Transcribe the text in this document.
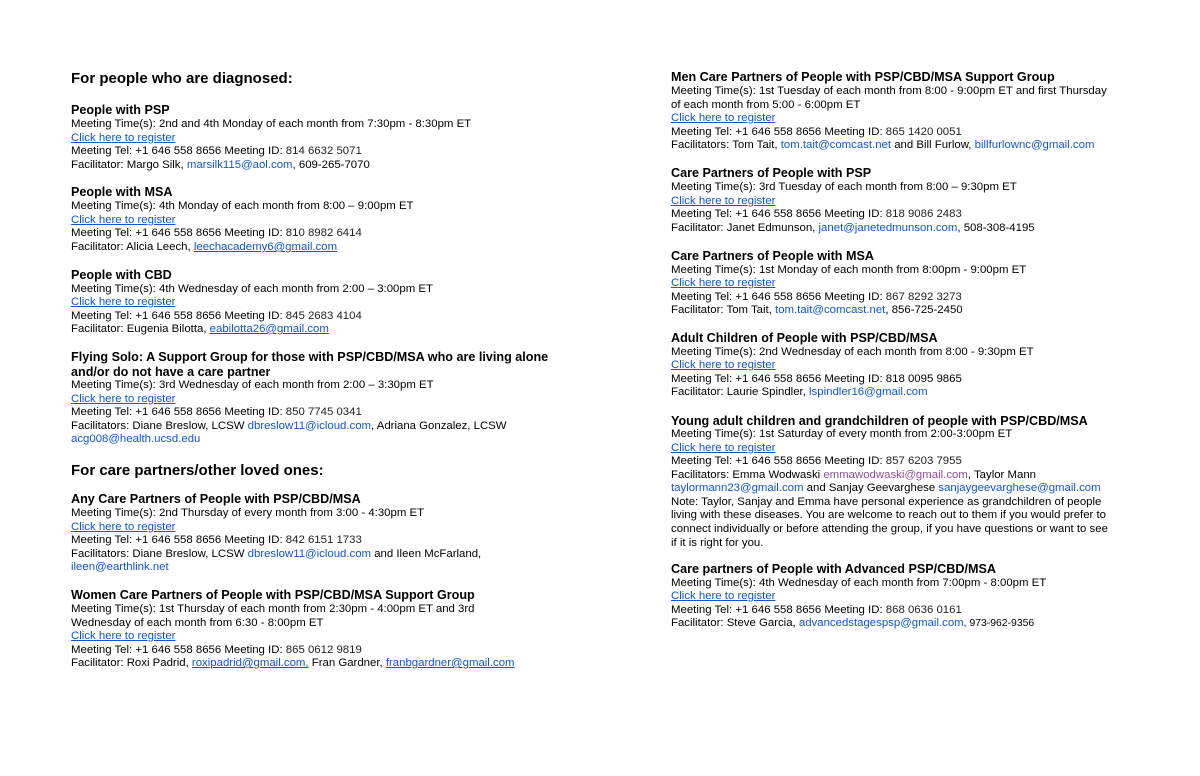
For people who are diagnosed:
People with PSP
Meeting Time(s): 2nd and 4th Monday of each month from 7:30pm - 8:30pm ET
Click here to register
Meeting Tel: +1 646 558 8656 Meeting ID: 814 6632 5071
Facilitator: Margo Silk, marsilk115@aol.com, 609-265-7070
People with MSA
Meeting Time(s): 4th Monday of each month from 8:00 – 9:00pm ET
Click here to register
Meeting Tel: +1 646 558 8656 Meeting ID: 810 8982 6414
Facilitator: Alicia Leech, leechacademy6@gmail.com
People with CBD
Meeting Time(s): 4th Wednesday of each month from 2:00 – 3:00pm ET
Click here to register
Meeting Tel: +1 646 558 8656 Meeting ID: 845 2683 4104
Facilitator: Eugenia Bilotta, eabilotta26@gmail.com
Flying Solo: A Support Group for those with PSP/CBD/MSA who are living alone
and/or do not have a care partner
Meeting Time(s): 3rd Wednesday of each month from 2:00 – 3:30pm ET
Click here to register
Meeting Tel: +1 646 558 8656 Meeting ID: 850 7745 0341
Facilitators: Diane Breslow, LCSW dbreslow11@icloud.com, Adriana Gonzalez, LCSW
acg008@health.ucsd.edu
For care partners/other loved ones:
Any Care Partners of People with PSP/CBD/MSA
Meeting Time(s): 2nd Thursday of every month from 3:00 - 4:30pm ET
Click here to register
Meeting Tel: +1 646 558 8656 Meeting ID: 842 6151 1733
Facilitators: Diane Breslow, LCSW dbreslow11@icloud.com and Ileen McFarland,
ileen@earthlink.net
Women Care Partners of People with PSP/CBD/MSA Support Group
Meeting Time(s): 1st Thursday of each month from 2:30pm - 4:00pm ET and 3rd
Wednesday of each month from 6:30 - 8:00pm ET
Click here to register
Meeting Tel: +1 646 558 8656 Meeting ID: 865 0612 9819
Facilitator: Roxi Padrid, roxipadrid@gmail.com, Fran Gardner, franbgardner@gmail.com
Men Care Partners of People with PSP/CBD/MSA Support Group
Meeting Time(s): 1st Tuesday of each month from 8:00 - 9:00pm ET and first Thursday
of each month from 5:00 - 6:00pm ET
Click here to register
Meeting Tel: +1 646 558 8656 Meeting ID: 865 1420 0051
Facilitators: Tom Tait, tom.tait@comcast.net and Bill Furlow, billfurlownc@gmail.com
Care Partners of People with PSP
Meeting Time(s): 3rd Tuesday of each month from 8:00 – 9:30pm ET
Click here to register
Meeting Tel: +1 646 558 8656 Meeting ID: 818 9086 2483
Facilitator: Janet Edmunson, janet@janetedmunson.com, 508-308-4195
Care Partners of People with MSA
Meeting Time(s): 1st Monday of each month from 8:00pm - 9:00pm ET
Click here to register
Meeting Tel: +1 646 558 8656 Meeting ID: 867 8292 3273
Facilitator: Tom Tait, tom.tait@comcast.net, 856-725-2450
Adult Children of People with PSP/CBD/MSA
Meeting Time(s): 2nd Wednesday of each month from 8:00 - 9:30pm ET
Click here to register
Meeting Tel: +1 646 558 8656 Meeting ID: 818 0095 9865
Facilitator: Laurie Spindler, lspindler16@gmail.com
Young adult children and grandchildren of people with PSP/CBD/MSA
Meeting Time(s): 1st Saturday of every month from 2:00-3:00pm ET
Click here to register
Meeting Tel: +1 646 558 8656 Meeting ID: 857 6203 7955
Facilitators: Emma Wodwaski emmawodwaski@gmail.com, Taylor Mann
taylormann23@gmail.com and Sanjay Geevarghese sanjaygeevarghese@gmail.com
Note: Taylor, Sanjay and Emma have personal experience as grandchildren of people
living with these diseases. You are welcome to reach out to them if you would prefer to
connect individually or before attending the group, if you have questions or want to see
if it is right for you.
Care partners of People with Advanced PSP/CBD/MSA
Meeting Time(s): 4th Wednesday of each month from 7:00pm - 8:00pm ET
Click here to register
Meeting Tel: +1 646 558 8656 Meeting ID: 868 0636 0161
Facilitator: Steve Garcia, advancedstagespsp@gmail.com, 973-962-9356
